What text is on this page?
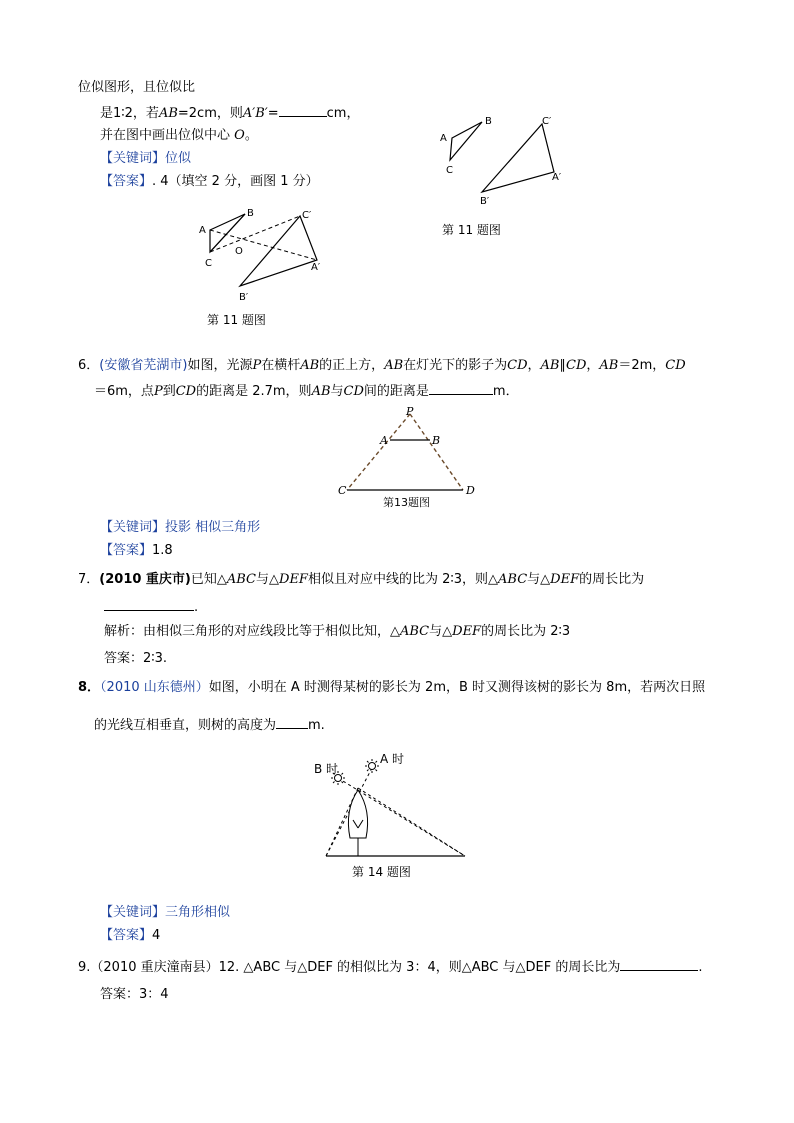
位似图形，且位似比
是1∶2，若AB=2cm，则A′B′=	cm，
并在图中画出位似中心 O。
【关键词】位似
【答案】. 4（填空 2 分，画图 1 分）
A
B
C
C′
A′
B′
第 11 题图
A
B
C
O
C′
A′
B′
第 11 题图
6．(安徽省芜湖市)如图，光源P在横杆AB的正上方，AB在灯光下的影子为CD，AB∥CD，AB＝2m，CD
＝6m，点P到CD的距离是 2.7m，则AB与CD间的距离是	m．
P
A	B
C	D
第13题图
【关键词】投影 相似三角形
【答案】1.8
7．(2010 重庆市)已知△ABC与△DEF相似且对应中线的比为 2∶3，则△ABC与△DEF的周长比为
.
解析：由相似三角形的对应线段比等于相似比知，△ABC与△DEF的周长比为 2∶3
答案：2∶3.
8．（2010 山东德州）如图，小明在 A 时测得某树的影长为 2m，B 时又测得该树的影长为 8m，若两次日照
的光线互相垂直，则树的高度为 m.
B 时
A 时
第 14 题图
【关键词】三角形相似
【答案】4
9.（2010 重庆潼南县）12. △ABC 与△DEF 的相似比为 3：4，则△ABC 与△DEF 的周长比为	.
答案：3：4
